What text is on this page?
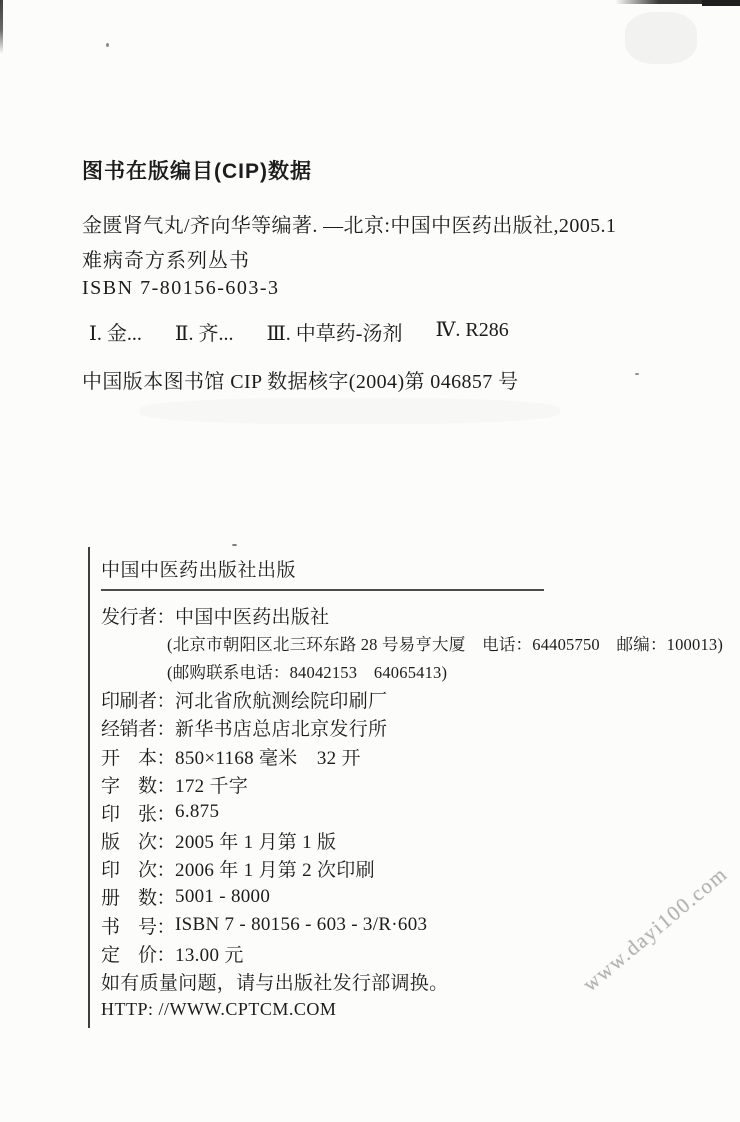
图书在版编目(CIP)数据
金匮肾气丸/齐向华等编著. —北京:中国中医药出版社,2005.1
难病奇方系列丛书
ISBN 7-80156-603-3
Ⅰ. 金... Ⅱ. 齐... Ⅲ. 中草药-汤剂 Ⅳ. R286
中国版本图书馆 CIP 数据核字(2004)第 046857 号
中国中医药出版社出版
发行者： 中国中医药出版社
(北京市朝阳区北三环东路 28 号易亨大厦　电话：64405750　邮编：100013)
(邮购联系电话：84042153　64065413)
印刷者： 河北省欣航测绘院印刷厂
经销者： 新华书店总店北京发行所
开　本： 850×1168 毫米　32 开
字　数： 172 千字
印　张： 6.875
版　次： 2005 年 1 月第 1 版
印　次： 2006 年 1 月第 2 次印刷
册　数： 5001 - 8000
书　号： ISBN 7 - 80156 - 603 - 3/R·603
定　价： 13.00 元
如有质量问题，请与出版社发行部调换。
HTTP: //WWW.CPTCM.COM
www.dayi100.com
